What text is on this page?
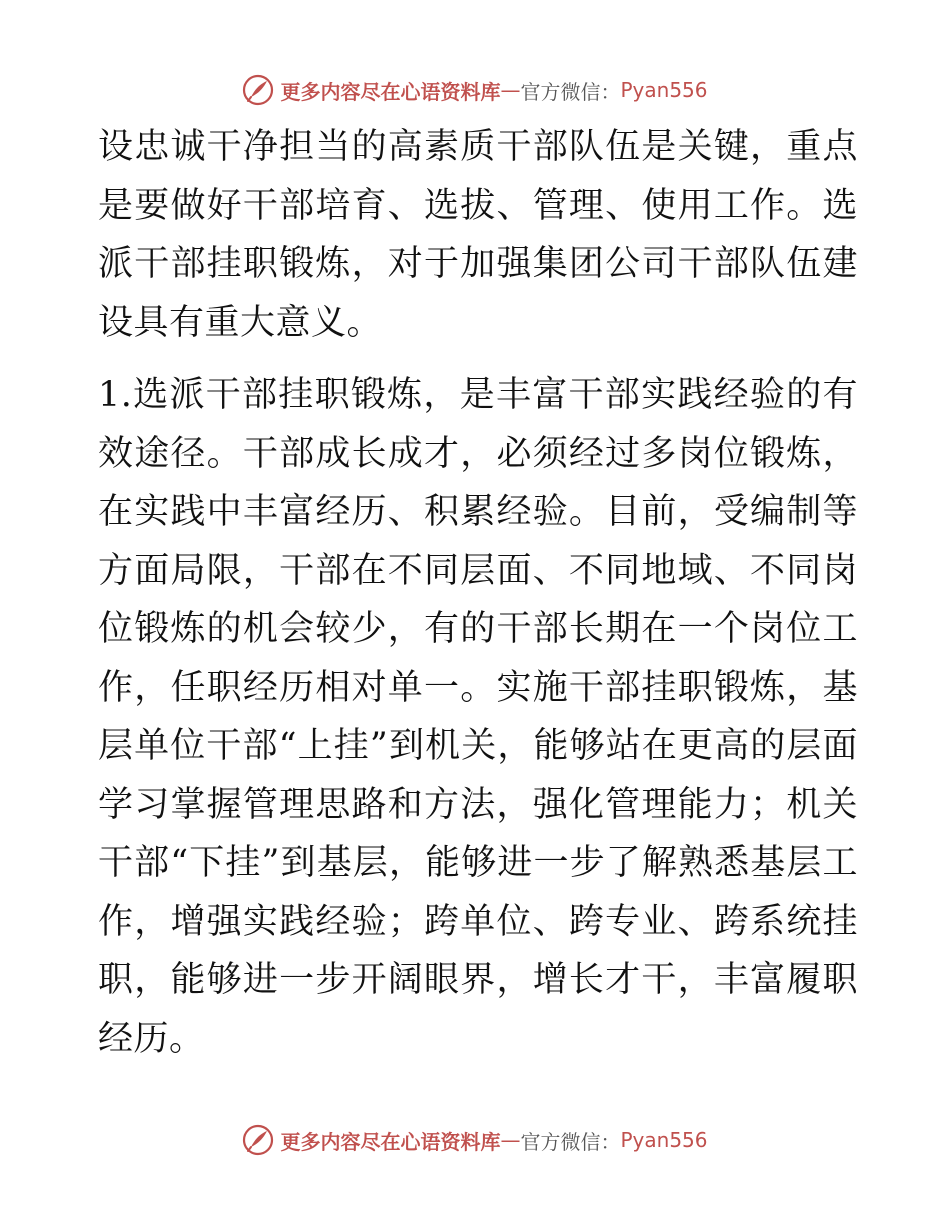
更多内容尽在心语资料库 — 官方微信： Pyan556

设忠诚干净担当的高素质干部队伍是关键，重点是要做好干部培育、选拔、管理、使用工作。选派干部挂职锻炼，对于加强集团公司干部队伍建设具有重大意义。

1.选派干部挂职锻炼，是丰富干部实践经验的有效途径。干部成长成才，必须经过多岗位锻炼，在实践中丰富经历、积累经验。目前，受编制等方面局限，干部在不同层面、不同地域、不同岗位锻炼的机会较少，有的干部长期在一个岗位工作，任职经历相对单一。实施干部挂职锻炼，基层单位干部“上挂”到机关，能够站在更高的层面学习掌握管理思路和方法，强化管理能力；机关干部“下挂”到基层，能够进一步了解熟悉基层工作，增强实践经验；跨单位、跨专业、跨系统挂职，能够进一步开阔眼界，增长才干，丰富履职经历。

更多内容尽在心语资料库 — 官方微信： Pyan556
